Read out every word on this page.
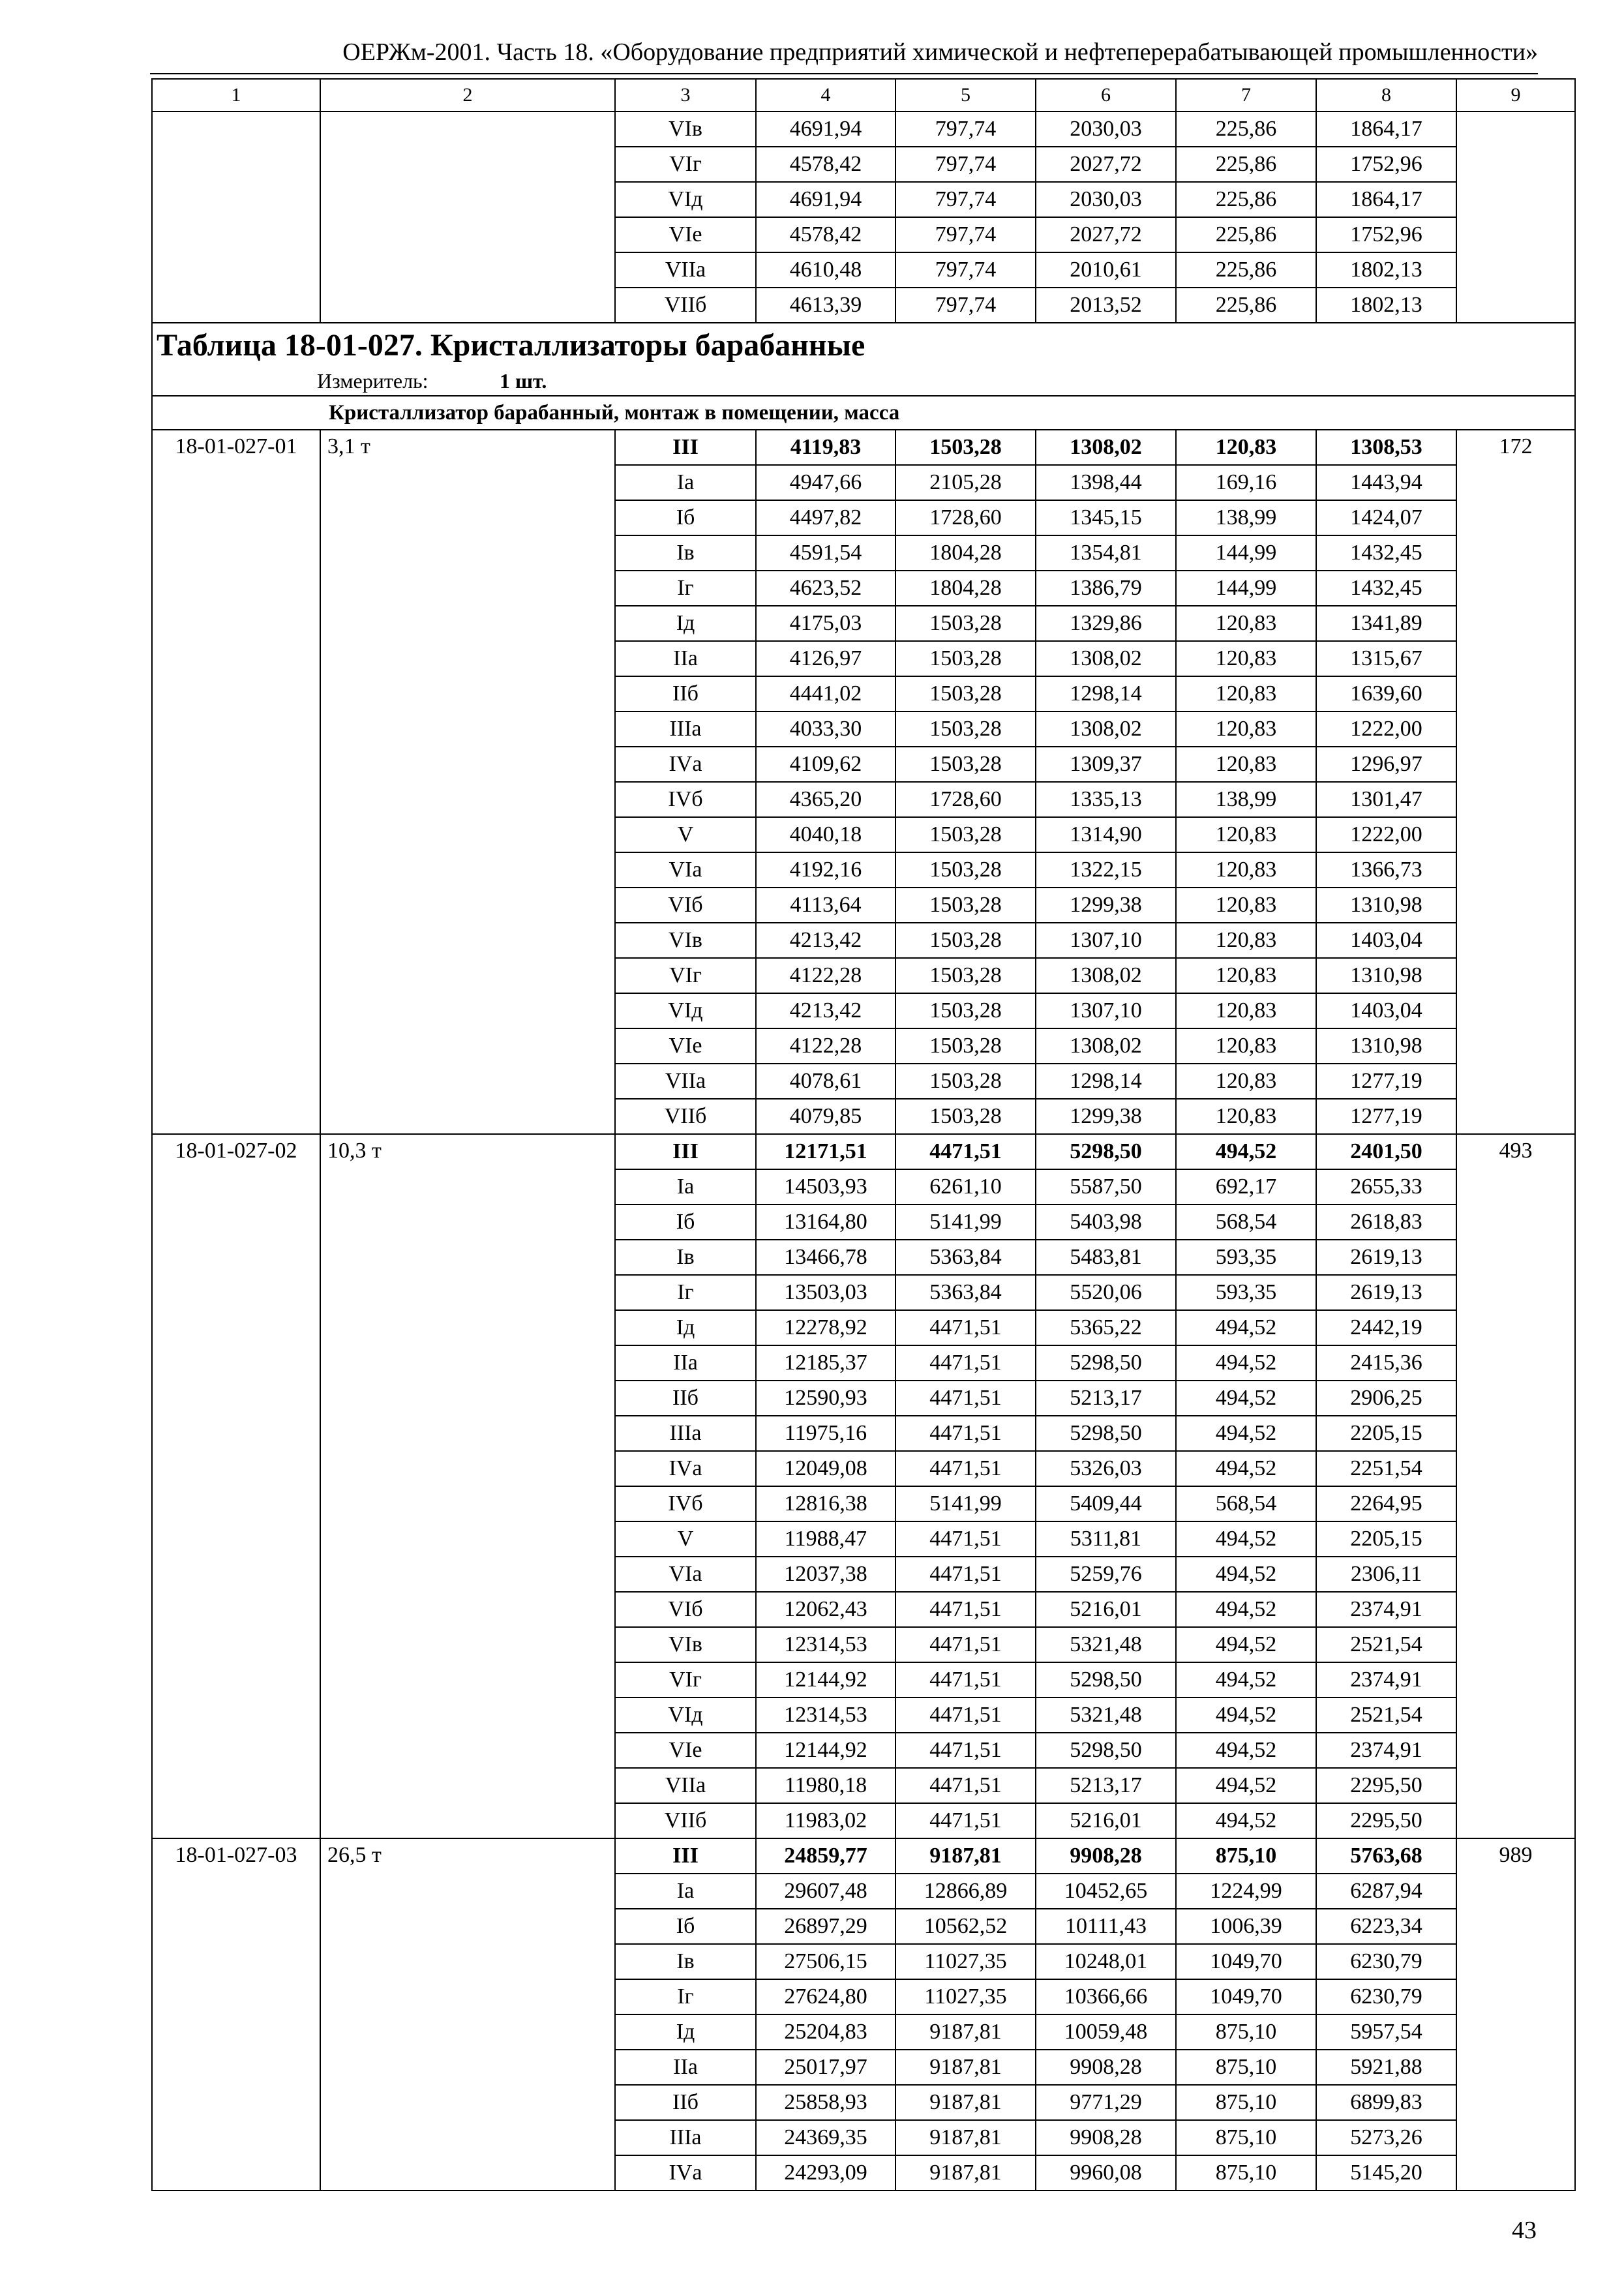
ОЕРЖм-2001. Часть 18. «Оборудование предприятий химической и нефтеперерабатывающей промышленности»
1	2	3	4	5	6	7	8	9
		VIв	4691,94	797,74	2030,03	225,86	1864,17	
		VIг	4578,42	797,74	2027,72	225,86	1752,96	
		VIд	4691,94	797,74	2030,03	225,86	1864,17	
		VIе	4578,42	797,74	2027,72	225,86	1752,96	
		VIIа	4610,48	797,74	2010,61	225,86	1802,13	
		VIIб	4613,39	797,74	2013,52	225,86	1802,13	
Таблица 18-01-027. Кристаллизаторы барабанные								
Измеритель: 1 шт.								
Кристаллизатор барабанный, монтаж в помещении, масса								
18-01-027-01	3,1 т	III	4119,83	1503,28	1308,02	120,83	1308,53	172
		Iа	4947,66	2105,28	1398,44	169,16	1443,94	
		Iб	4497,82	1728,60	1345,15	138,99	1424,07	
		Iв	4591,54	1804,28	1354,81	144,99	1432,45	
		Iг	4623,52	1804,28	1386,79	144,99	1432,45	
		Iд	4175,03	1503,28	1329,86	120,83	1341,89	
		IIа	4126,97	1503,28	1308,02	120,83	1315,67	
		IIб	4441,02	1503,28	1298,14	120,83	1639,60	
		IIIа	4033,30	1503,28	1308,02	120,83	1222,00	
		IVа	4109,62	1503,28	1309,37	120,83	1296,97	
		IVб	4365,20	1728,60	1335,13	138,99	1301,47	
		V	4040,18	1503,28	1314,90	120,83	1222,00	
		VIа	4192,16	1503,28	1322,15	120,83	1366,73	
		VIб	4113,64	1503,28	1299,38	120,83	1310,98	
		VIв	4213,42	1503,28	1307,10	120,83	1403,04	
		VIг	4122,28	1503,28	1308,02	120,83	1310,98	
		VIд	4213,42	1503,28	1307,10	120,83	1403,04	
		VIе	4122,28	1503,28	1308,02	120,83	1310,98	
		VIIа	4078,61	1503,28	1298,14	120,83	1277,19	
		VIIб	4079,85	1503,28	1299,38	120,83	1277,19	
18-01-027-02	10,3 т	III	12171,51	4471,51	5298,50	494,52	2401,50	493
		Iа	14503,93	6261,10	5587,50	692,17	2655,33	
		Iб	13164,80	5141,99	5403,98	568,54	2618,83	
		Iв	13466,78	5363,84	5483,81	593,35	2619,13	
		Iг	13503,03	5363,84	5520,06	593,35	2619,13	
		Iд	12278,92	4471,51	5365,22	494,52	2442,19	
		IIа	12185,37	4471,51	5298,50	494,52	2415,36	
		IIб	12590,93	4471,51	5213,17	494,52	2906,25	
		IIIа	11975,16	4471,51	5298,50	494,52	2205,15	
		IVа	12049,08	4471,51	5326,03	494,52	2251,54	
		IVб	12816,38	5141,99	5409,44	568,54	2264,95	
		V	11988,47	4471,51	5311,81	494,52	2205,15	
		VIа	12037,38	4471,51	5259,76	494,52	2306,11	
		VIб	12062,43	4471,51	5216,01	494,52	2374,91	
		VIв	12314,53	4471,51	5321,48	494,52	2521,54	
		VIг	12144,92	4471,51	5298,50	494,52	2374,91	
		VIд	12314,53	4471,51	5321,48	494,52	2521,54	
		VIе	12144,92	4471,51	5298,50	494,52	2374,91	
		VIIа	11980,18	4471,51	5213,17	494,52	2295,50	
		VIIб	11983,02	4471,51	5216,01	494,52	2295,50	
18-01-027-03	26,5 т	III	24859,77	9187,81	9908,28	875,10	5763,68	989
		Iа	29607,48	12866,89	10452,65	1224,99	6287,94	
		Iб	26897,29	10562,52	10111,43	1006,39	6223,34	
		Iв	27506,15	11027,35	10248,01	1049,70	6230,79	
		Iг	27624,80	11027,35	10366,66	1049,70	6230,79	
		Iд	25204,83	9187,81	10059,48	875,10	5957,54	
		IIа	25017,97	9187,81	9908,28	875,10	5921,88	
		IIб	25858,93	9187,81	9771,29	875,10	6899,83	
		IIIа	24369,35	9187,81	9908,28	875,10	5273,26	
		IVа	24293,09	9187,81	9960,08	875,10	5145,20	
43
